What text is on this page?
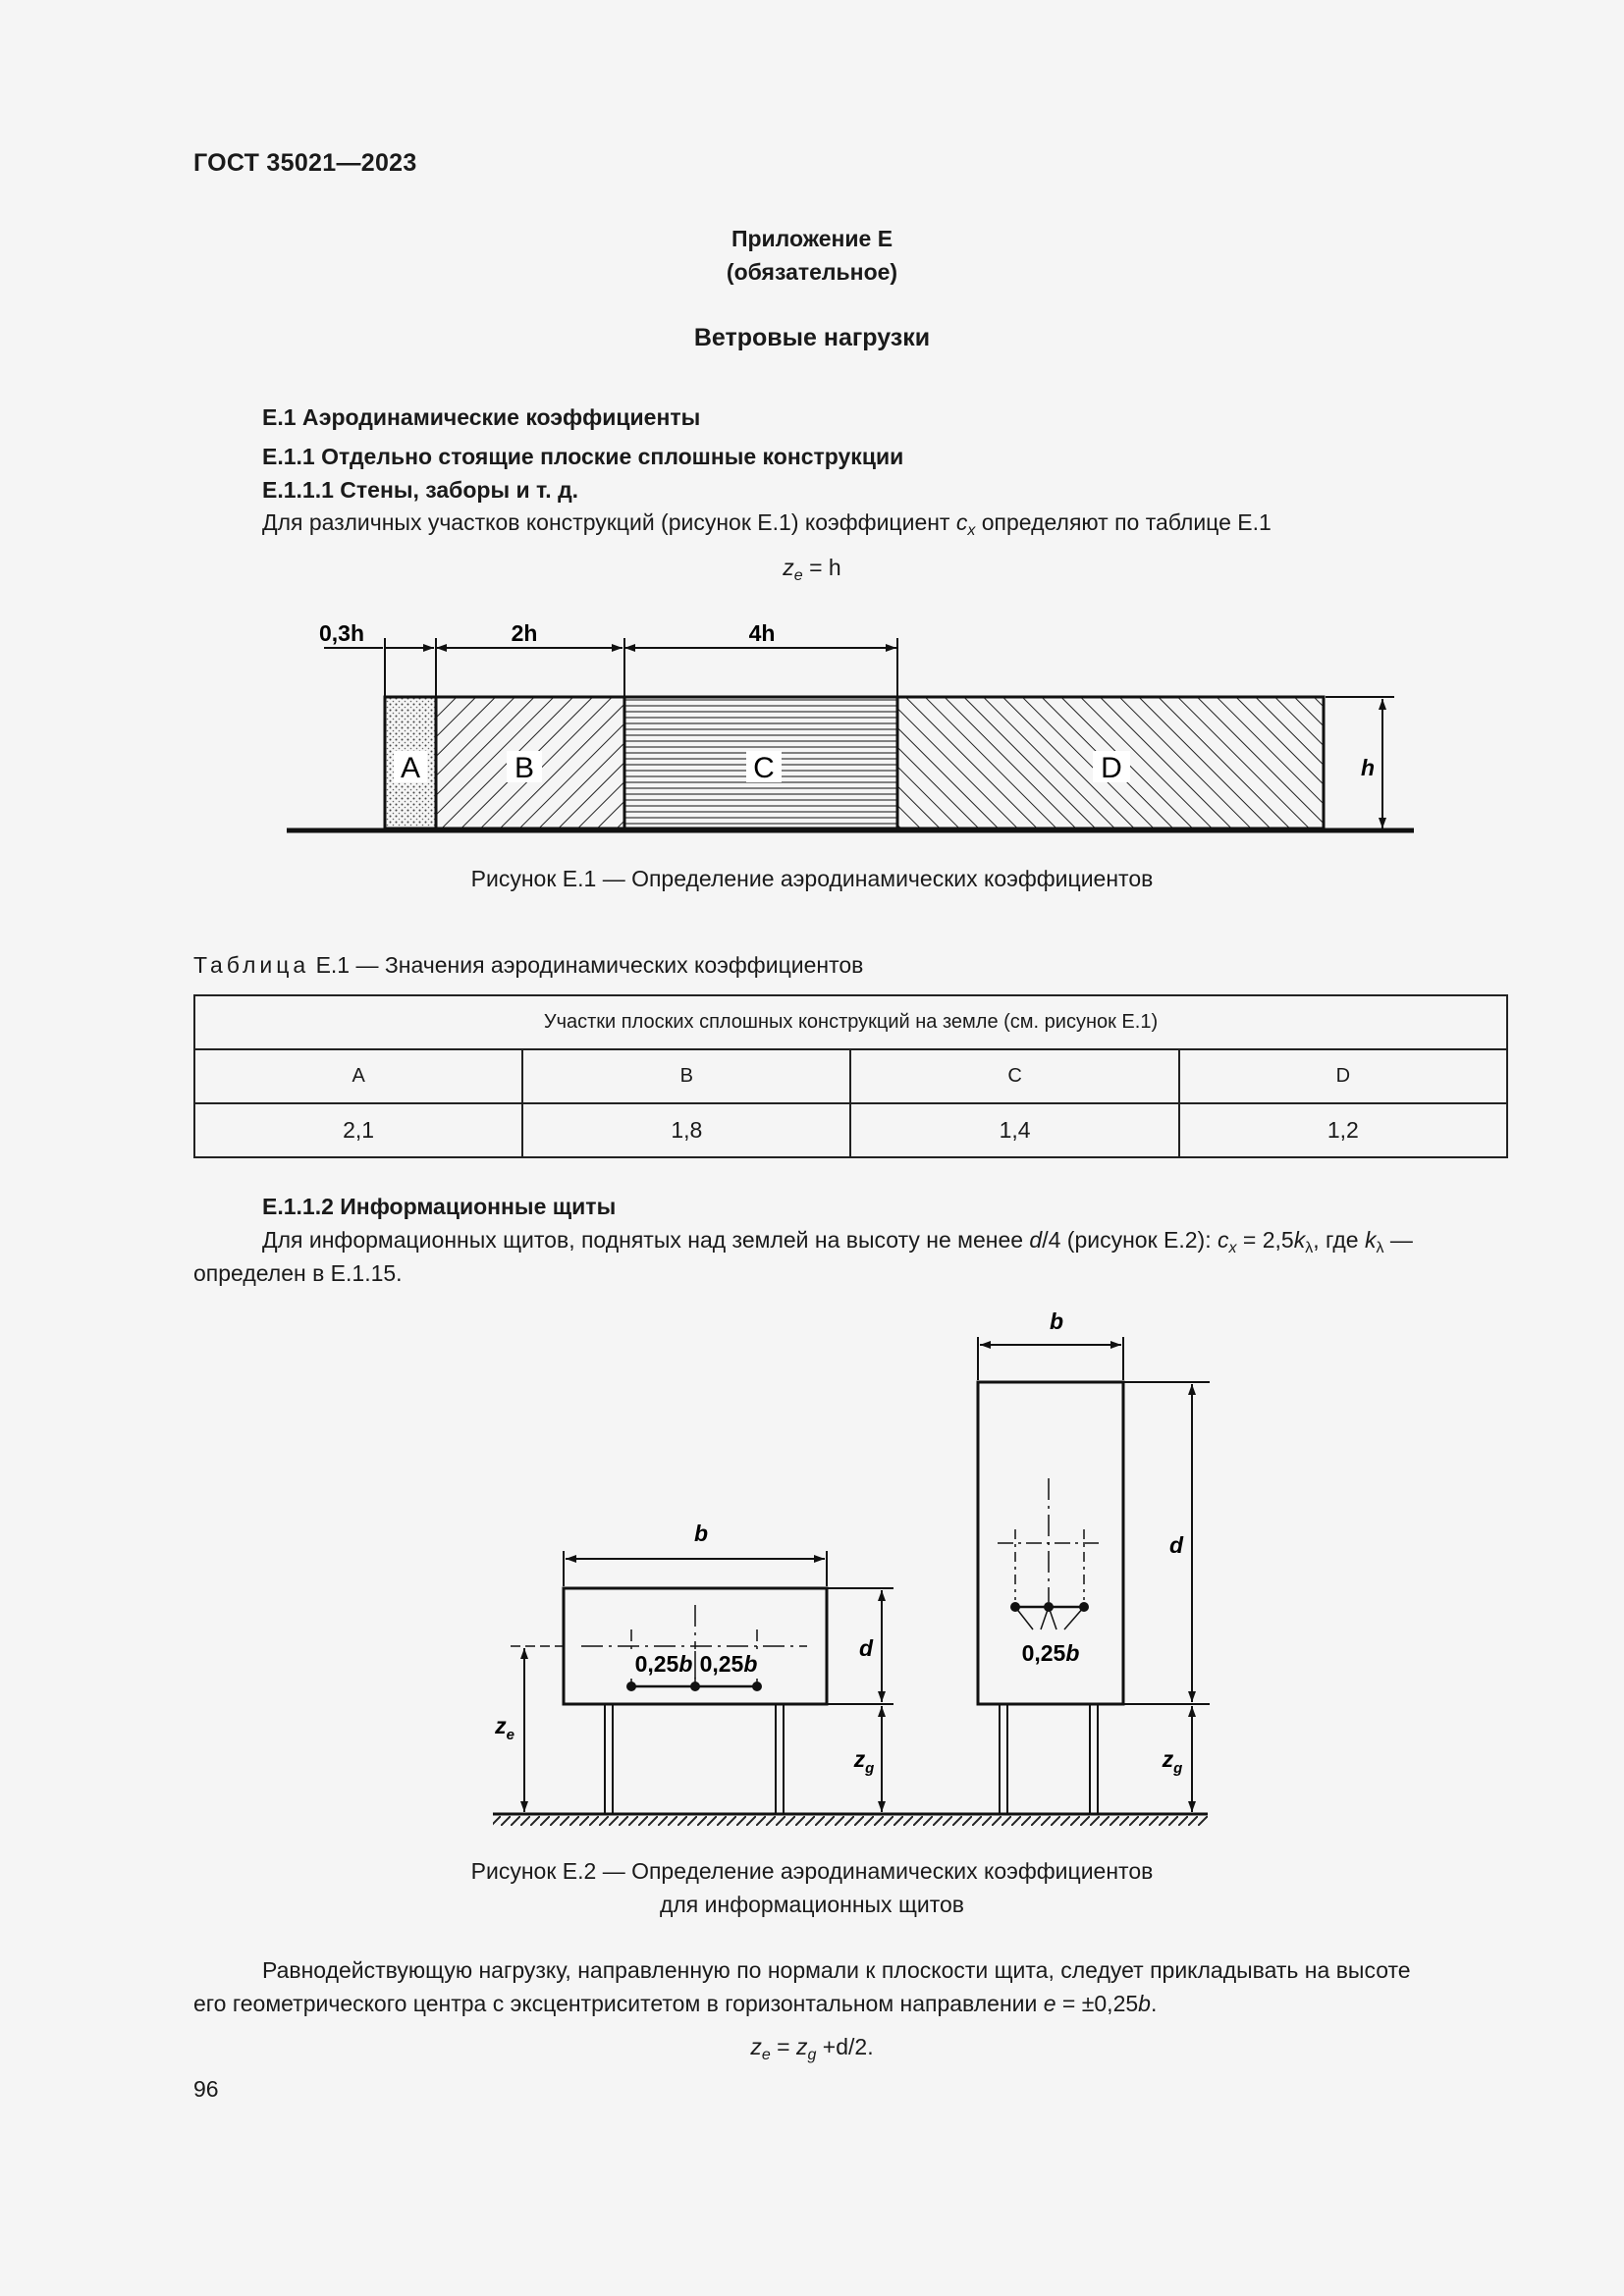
ГОСТ 35021—2023
Приложение Е
(обязательное)
Ветровые нагрузки
Е.1 Аэродинамические коэффициенты
Е.1.1 Отдельно стоящие плоские сплошные конструкции
Е.1.1.1 Стены, заборы и т. д.
Для различных участков конструкций (рисунок Е.1) коэффициент $c_x$ определяют по таблице Е.1
$z_e = h$
0,3h	2h	4h
h
A	B	C	D
Рисунок Е.1 — Определение аэродинамических коэффициентов
Таблица Е.1 — Значения аэродинамических коэффициентов
Участки плоских сплошных конструкций на земле (см. рисунок Е.1)			
A	B	C	D
2,1	1,8	1,4	1,2
Е.1.1.2 Информационные щиты
Для информационных щитов, поднятых над землей на высоту не менее d/4 (рисунок Е.2): $c_x = 2,5k_\lambda$, где $k_\lambda$ —
определен в Е.1.15.
0,25b 0,25b
b
d
$z_g$
$z_e$
0,25b
b
d
$z_g$
Рисунок Е.2 — Определение аэродинамических коэффициентов
для информационных щитов
Равнодействующую нагрузку, направленную по нормали к плоскости щита, следует прикладывать на высоте
его геометрического центра с эксцентриситетом в горизонтальном направлении e = ±0,25b.
$z_e = z_g +d/2$.
96
